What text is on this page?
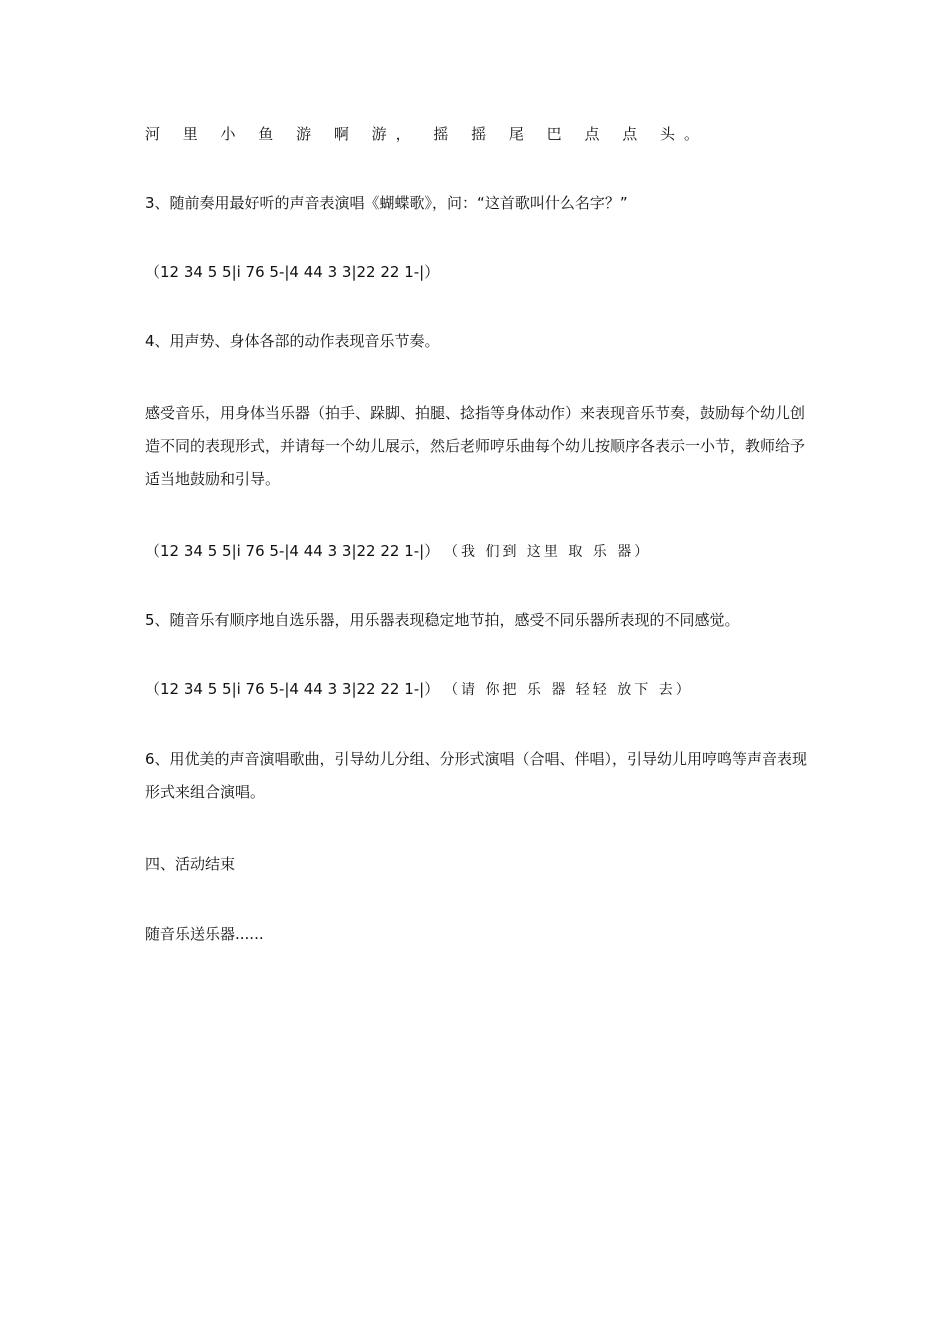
河 里 小 鱼 游 啊 游， 摇 摇 尾 巴 点 点 头。
3、随前奏用最好听的声音表演唱《蝴蝶歌》，问：“这首歌叫什么名字？”
（12 34 5 5|i 76 5-|4 44 3 3|22 22 1-|）
4、用声势、身体各部的动作表现音乐节奏。
感受音乐，用身体当乐器（拍手、跺脚、拍腿、捻指等身体动作）来表现音乐节奏，鼓励每个幼儿创造不同的表现形式，并请每一个幼儿展示，然后老师哼乐曲每个幼儿按顺序各表示一小节，教师给予适当地鼓励和引导。
（12 34 5 5|i 76 5-|4 44 3 3|22 22 1-|） （我 们到 这里 取 乐 器）
5、随音乐有顺序地自选乐器，用乐器表现稳定地节拍，感受不同乐器所表现的不同感觉。
（12 34 5 5|i 76 5-|4 44 3 3|22 22 1-|） （请 你把 乐 器 轻轻 放下 去）
6、用优美的声音演唱歌曲，引导幼儿分组、分形式演唱（合唱、伴唱），引导幼儿用哼鸣等声音表现形式来组合演唱。
四、活动结束
随音乐送乐器......
